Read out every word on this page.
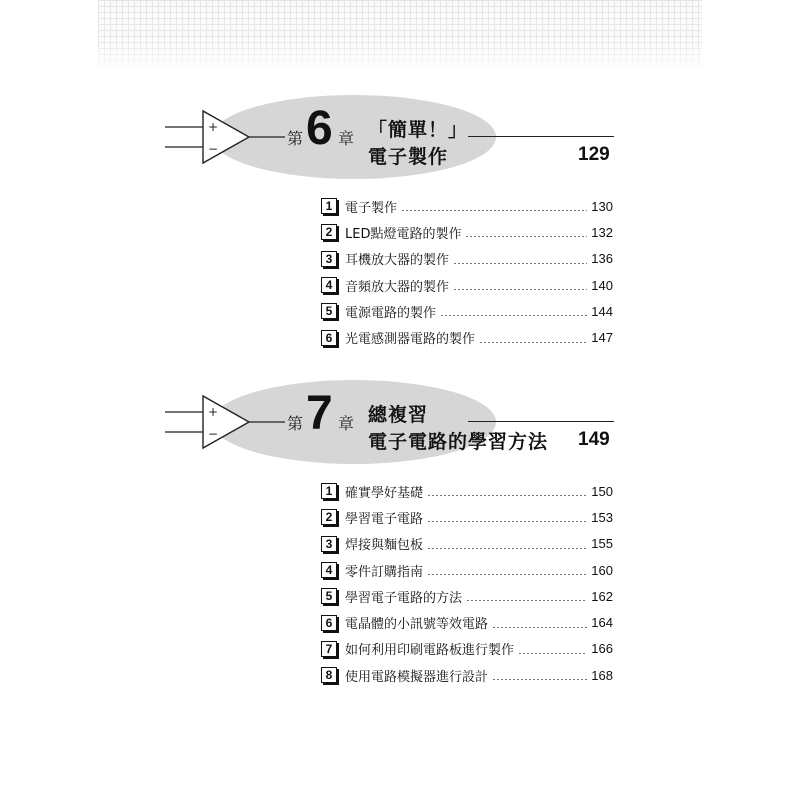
+
−
第 6 章 「簡單！」
電子製作	129
1 電子製作	130
2 LED點燈電路的製作	132
3 耳機放大器的製作	136
4 音頻放大器的製作	140
5 電源電路的製作	144
6 光電感測器電路的製作	147
+
−
第 7 章 總複習
電子電路的學習方法 149
1 確實學好基礎	150
2 學習電子電路	153
3 焊接與麵包板	155
4 零件訂購指南	160
5 學習電子電路的方法	162
6 電晶體的小訊號等效電路	164
7 如何利用印刷電路板進行製作	166
8 使用電路模擬器進行設計	168
